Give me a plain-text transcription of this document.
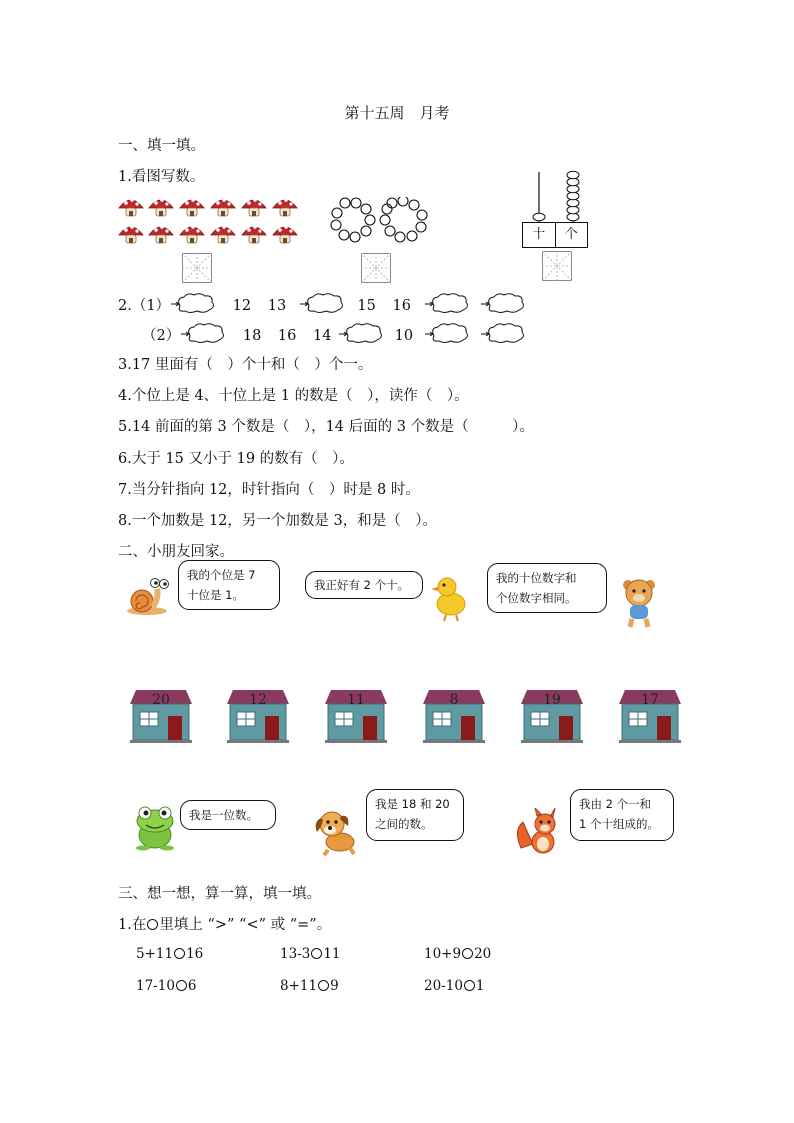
第十五周　月考
一、填一填。
1.看图写数。
十	个
2.（1）	12 13	15 16
（2）	18 16 14	10
3.17 里面有（　）个十和（　）个一。
4.个位上是 4、十位上是 1 的数是（　），读作（　）。
5.14 前面的第 3 个数是（　），14 后面的 3 个数是（　　　）。
6.大于 15 又小于 19 的数有（　）。
7.当分针指向 12，时针指向（　）时是 8 时。
8.一个加数是 12，另一个加数是 3，和是（　）。
二、小朋友回家。
我的个位是 7
十位是 1。
我正好有 2 个十。	我的十位数字和
个位数字相同。
20	12	11	8	19	17
我是一位数。
我是 18 和 20
之间的数。
我由 2 个一和
1 个十组成的。
三、想一想，算一算，填一填。
1.在 里填上 “>” “<” 或 “=”。
5+11 16	13-3 11	10+9 20
17-10 6	8+11 9	20-10 1
